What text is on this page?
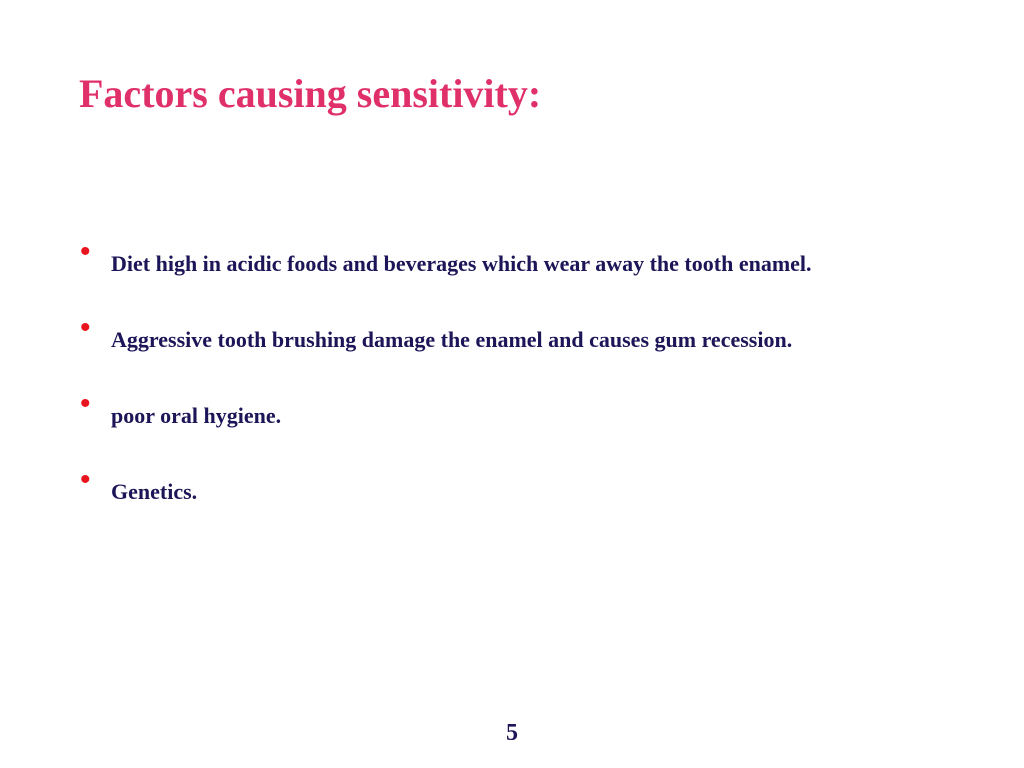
Factors causing sensitivity:
• Diet high in acidic foods and beverages which wear away the tooth enamel.
• Aggressive tooth brushing damage the enamel and causes gum recession.
• poor oral hygiene.
• Genetics.
5
